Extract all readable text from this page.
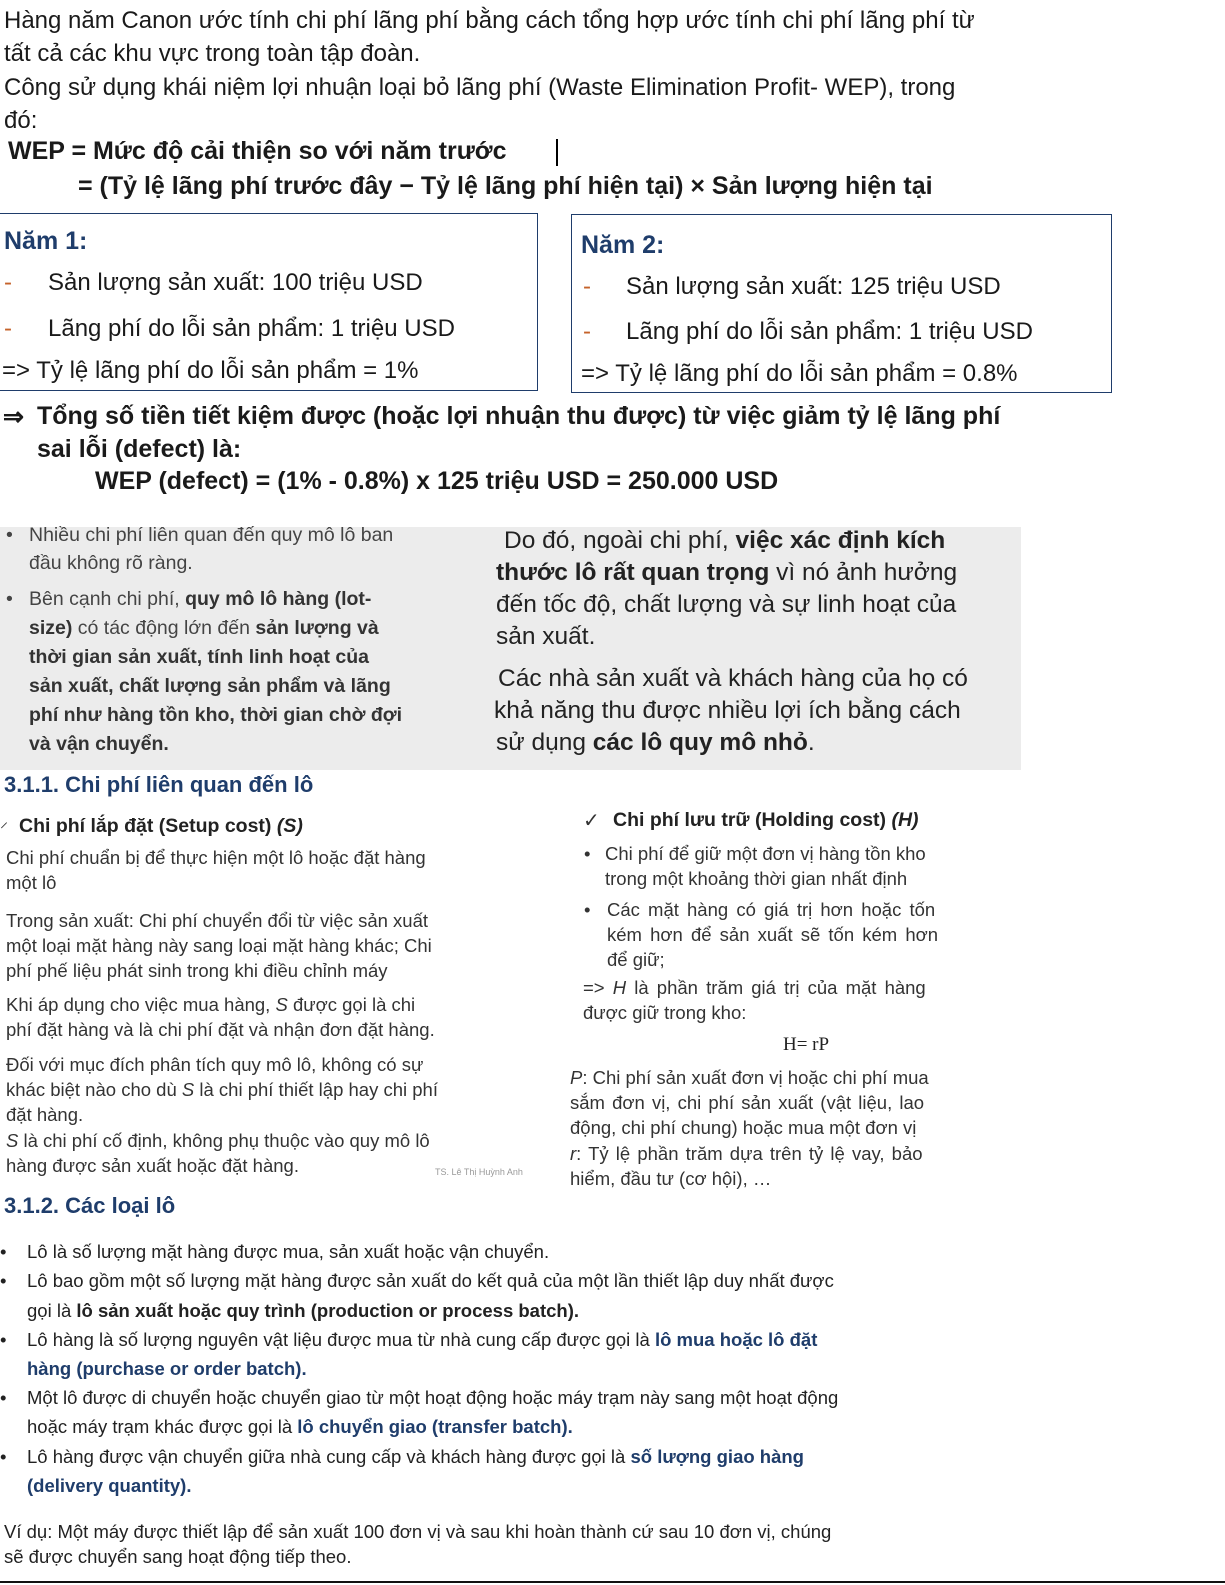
Hàng năm Canon ước tính chi phí lãng phí bằng cách tổng hợp ước tính chi phí lãng phí từ
tất cả các khu vực trong toàn tập đoàn.
Công sử dụng khái niệm lợi nhuận loại bỏ lãng phí (Waste Elimination Profit- WEP), trong
đó:
WEP = Mức độ cải thiện so với năm trước
= (Tỷ lệ lãng phí trước đây − Tỷ lệ lãng phí hiện tại) × Sản lượng hiện tại
Năm 1:
- Sản lượng sản xuất: 100 triệu USD
- Lãng phí do lỗi sản phẩm: 1 triệu USD
=> Tỷ lệ lãng phí do lỗi sản phẩm = 1%
Năm 2:
- Sản lượng sản xuất: 125 triệu USD
- Lãng phí do lỗi sản phẩm: 1 triệu USD
=> Tỷ lệ lãng phí do lỗi sản phẩm = 0.8%
⇒ Tổng số tiền tiết kiệm được (hoặc lợi nhuận thu được) từ việc giảm tỷ lệ lãng phí
sai lỗi (defect) là:
WEP (defect) = (1% - 0.8%) x 125 triệu USD = 250.000 USD
• Nhiều chi phí liên quan đến quy mô lô ban
đầu không rõ ràng.
• Bên cạnh chi phí, quy mô lô hàng (lot-
size) có tác động lớn đến sản lượng và
thời gian sản xuất, tính linh hoạt của
sản xuất, chất lượng sản phẩm và lãng
phí như hàng tồn kho, thời gian chờ đợi
và vận chuyển.
Do đó, ngoài chi phí, việc xác định kích
thước lô rất quan trọng vì nó ảnh hưởng
đến tốc độ, chất lượng và sự linh hoạt của
sản xuất.
Các nhà sản xuất và khách hàng của họ có
khả năng thu được nhiều lợi ích bằng cách
sử dụng các lô quy mô nhỏ.
3.1.1. Chi phí liên quan đến lô
⸝ Chi phí lắp đặt (Setup cost) (S)
Chi phí chuẩn bị để thực hiện một lô hoặc đặt hàng
một lô
Trong sản xuất: Chi phí chuyển đổi từ việc sản xuất
một loại mặt hàng này sang loại mặt hàng khác; Chi
phí phế liệu phát sinh trong khi điều chỉnh máy
Khi áp dụng cho việc mua hàng, S được gọi là chi
phí đặt hàng và là chi phí đặt và nhận đơn đặt hàng.
Đối với mục đích phân tích quy mô lô, không có sự
khác biệt nào cho dù S là chi phí thiết lập hay chi phí
đặt hàng.
S là chi phí cố định, không phụ thuộc vào quy mô lô
hàng được sản xuất hoặc đặt hàng.	TS. Lê Thị Huỳnh Anh
✓ Chi phí lưu trữ (Holding cost) (H)
• Chi phí để giữ một đơn vị hàng tồn kho
trong một khoảng thời gian nhất định
• Các mặt hàng có giá trị hơn hoặc tốn
kém hơn để sản xuất sẽ tốn kém hơn
để giữ;
=> H là phần trăm giá trị của mặt hàng
được giữ trong kho:
H= rP
P: Chi phí sản xuất đơn vị hoặc chi phí mua
sắm đơn vị, chi phí sản xuất (vật liệu, lao
động, chi phí chung) hoặc mua một đơn vị
r: Tỷ lệ phần trăm dựa trên tỷ lệ vay, bảo
hiểm, đầu tư (cơ hội), …
3.1.2. Các loại lô
• Lô là số lượng mặt hàng được mua, sản xuất hoặc vận chuyển.
• Lô bao gồm một số lượng mặt hàng được sản xuất do kết quả của một lần thiết lập duy nhất được
gọi là lô sản xuất hoặc quy trình (production or process batch).
• Lô hàng là số lượng nguyên vật liệu được mua từ nhà cung cấp được gọi là lô mua hoặc lô đặt
hàng (purchase or order batch).
• Một lô được di chuyển hoặc chuyển giao từ một hoạt động hoặc máy trạm này sang một hoạt động
hoặc máy trạm khác được gọi là lô chuyển giao (transfer batch).
• Lô hàng được vận chuyển giữa nhà cung cấp và khách hàng được gọi là số lượng giao hàng
(delivery quantity).
Ví dụ: Một máy được thiết lập để sản xuất 100 đơn vị và sau khi hoàn thành cứ sau 10 đơn vị, chúng
sẽ được chuyển sang hoạt động tiếp theo.
